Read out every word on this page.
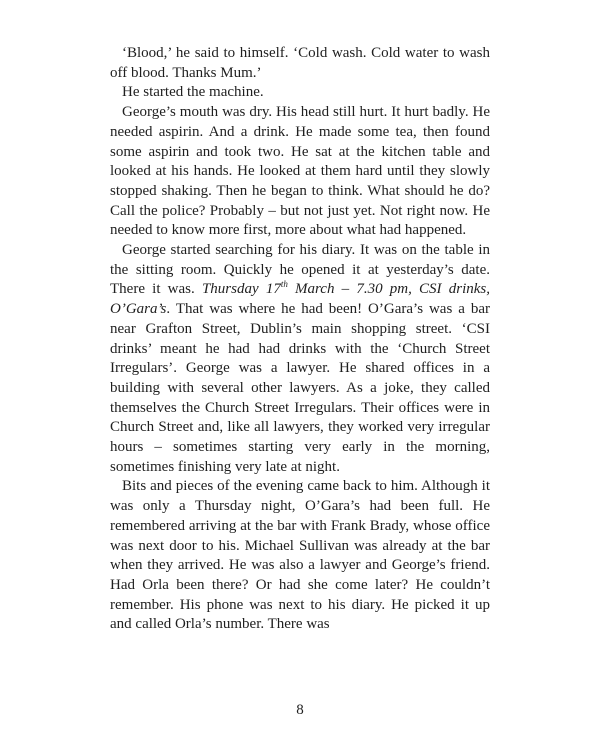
‘Blood,’ he said to himself. ‘Cold wash. Cold water to wash off blood. Thanks Mum.’

He started the machine.

George’s mouth was dry. His head still hurt. It hurt badly. He needed aspirin. And a drink. He made some tea, then found some aspirin and took two. He sat at the kitchen table and looked at his hands. He looked at them hard until they slowly stopped shaking. Then he began to think. What should he do? Call the police? Probably – but not just yet. Not right now. He needed to know more first, more about what had happened.

George started searching for his diary. It was on the table in the sitting room. Quickly he opened it at yesterday’s date. There it was. Thursday 17th March – 7.30 pm, CSI drinks, O’Gara’s. That was where he had been! O’Gara’s was a bar near Grafton Street, Dublin’s main shopping street. ‘CSI drinks’ meant he had had drinks with the ‘Church Street Irregulars’. George was a lawyer. He shared offices in a building with several other lawyers. As a joke, they called themselves the Church Street Irregulars. Their offices were in Church Street and, like all lawyers, they worked very irregular hours – sometimes starting very early in the morning, sometimes finishing very late at night.

Bits and pieces of the evening came back to him. Although it was only a Thursday night, O’Gara’s had been full. He remembered arriving at the bar with Frank Brady, whose office was next door to his. Michael Sullivan was already at the bar when they arrived. He was also a lawyer and George’s friend. Had Orla been there? Or had she come later? He couldn’t remember. His phone was next to his diary. He picked it up and called Orla’s number. There was

8
